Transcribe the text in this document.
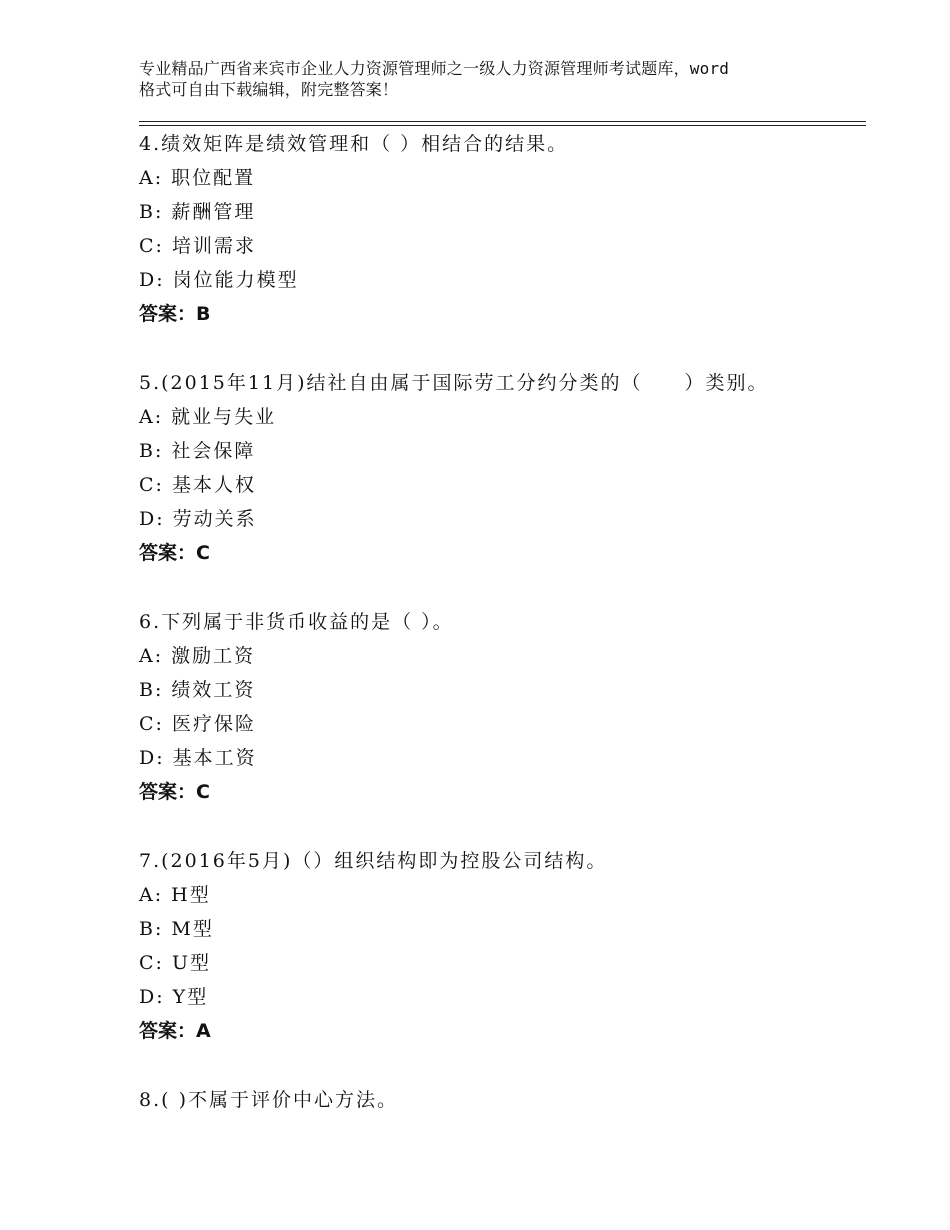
专业精品广西省来宾市企业人力资源管理师之一级人力资源管理师考试题库，word
格式可自由下载编辑，附完整答案！
4.绩效矩阵是绩效管理和（ ）相结合的结果。
A: 职位配置
B: 薪酬管理
C: 培训需求
D: 岗位能力模型
答案：B
5.(2015年11月)结社自由属于国际劳工分约分类的（　　）类别。
A: 就业与失业
B: 社会保障
C: 基本人权
D: 劳动关系
答案：C
6.下列属于非货币收益的是（ ）。
A: 激励工资
B: 绩效工资
C: 医疗保险
D: 基本工资
答案：C
7.(2016年5月)（）组织结构即为控股公司结构。
A: H型
B: M型
C: U型
D: Y型
答案：A
8.( )不属于评价中心方法。
